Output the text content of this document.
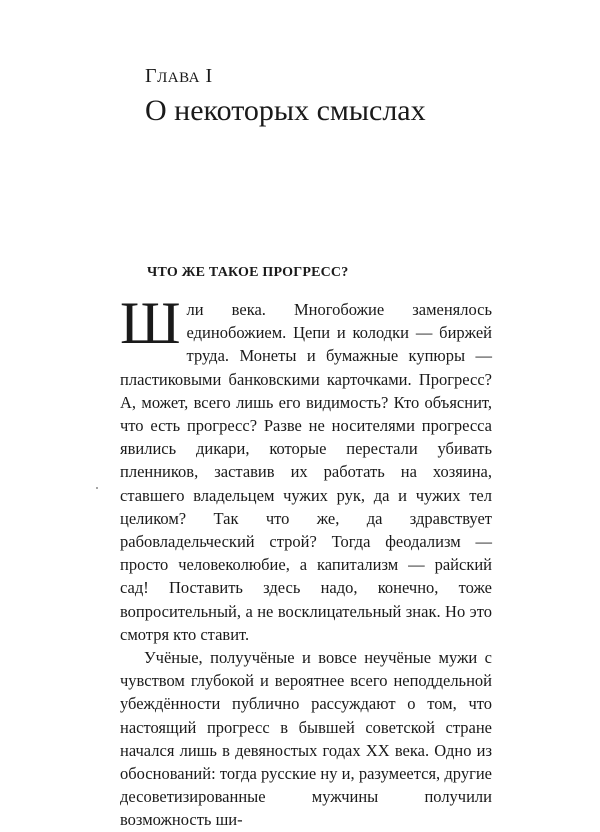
ГЛАВА I
О некоторых смыслах
ЧТО ЖЕ ТАКОЕ ПРОГРЕСС?

Шли века. Многобожие заменялось единобожием. Цепи и колодки — биржей труда. Монеты и бумажные купюры — пластиковыми банковскими карточками. Прогресс? А, может, всего лишь его видимость? Кто объяснит, что есть прогресс? Разве не носителями прогресса явились дикари, которые перестали убивать пленников, заставив их работать на хозяина, ставшего владельцем чужих рук, да и чужих тел целиком? Так что же, да здравствует рабовладельческий строй? Тогда феодализм — просто человеколюбие, а капитализм — райский сад! Поставить здесь надо, конечно, тоже вопросительный, а не восклицательный знак. Но это смотря кто ставит.

Учёные, полуучёные и вовсе неучёные мужи с чувством глубокой и вероятнее всего неподдельной убеждённости публично рассуждают о том, что настоящий прогресс в бывшей советской стране начался лишь в девяностых годах XX века. Одно из обоснований: тогда русские ну и, разумеется, другие десоветизированные мужчины получили возможность ши-
